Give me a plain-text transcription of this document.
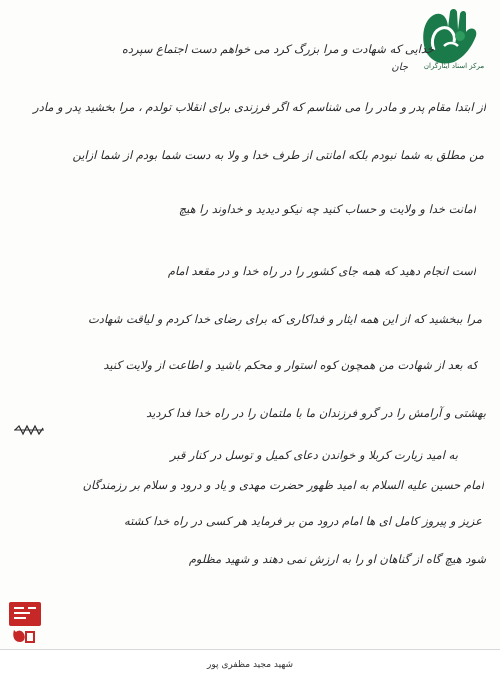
مرکز اسناد ایثارگران
خدایی که شهادت و مرا بزرگ کرد می خواهم دست اجتماع سپرده
جان
از ابتدا مقام پدر و مادر را می شناسم که اگر فرزندی برای انقلاب تولدم ، مرا بخشید پدر و مادر
من مطلق به شما نبودم بلکه امانتی از طرف خدا و ولا به دست شما بودم از شما ازاین
امانت خدا و ولایت و حساب کنید چه نیکو دیدید و خداوند را هیچ
است انجام دهید که همه جای کشور را در راه خدا و در مقعد امام
مرا ببخشید که از این همه ایثار و فداکاری که برای رضای خدا کردم و لیاقت شهادت
که بعد از شهادت من همچون کوه استوار و محکم باشید و اطاعت از ولایت کنید
بهشتی و آرامش را در گرو فرزندان ما با ملتمان را در راه خدا فدا کردید
به امید زیارت کربلا و خواندن دعای کمیل و توسل در کنار قبر
امام حسین علیه السلام به امید ظهور حضرت مهدی و یاد و درود و سلام بر رزمندگان
عزیز و پیروز کامل ای ها امام درود من بر فرماید هر کسی در راه خدا کشته
شود هیچ گاه از گناهان او را به ارزش نمی دهند و شهید مظلوم
شهید مجید مظفری پور
